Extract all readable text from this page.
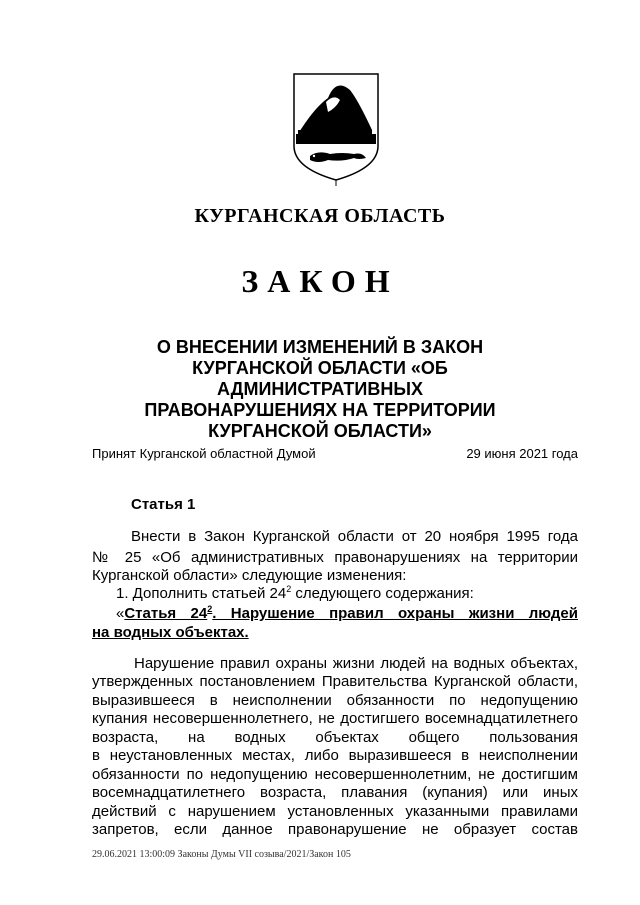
КУРГАНСКАЯ ОБЛАСТЬ
ЗАКОН
О ВНЕСЕНИИ ИЗМЕНЕНИЙ В ЗАКОН
КУРГАНСКОЙ ОБЛАСТИ «ОБ АДМИНИСТРАТИВНЫХ
ПРАВОНАРУШЕНИЯХ НА ТЕРРИТОРИИ
КУРГАНСКОЙ ОБЛАСТИ»
Принят Курганской областной Думой	29 июня 2021 года
Статья 1
Внести в Закон Курганской области от 20 ноября 1995 года
№ 25 «Об административных правонарушениях на территории
Курганской области» следующие изменения:
1. Дополнить статьей $24^2$ следующего содержания:
«Статья $24^2$. Нарушение правил охраны жизни людей
на водных объектах.
Нарушение правил охраны жизни людей на водных объектах,
утвержденных постановлением Правительства Курганской области,
выразившееся в неисполнении обязанности по недопущению
купания несовершеннолетнего, не достигшего восемнадцатилетнего
возраста, на водных объектах общего пользования
в неустановленных местах, либо выразившееся в неисполнении
обязанности по недопущению несовершеннолетним, не достигшим
восемнадцатилетнего возраста, плавания (купания) или иных
действий с нарушением установленных указанными правилами
запретов, если данное правонарушение не образует состав
29.06.2021 13:00:09 Законы Думы VII созыва/2021/Закон 105
